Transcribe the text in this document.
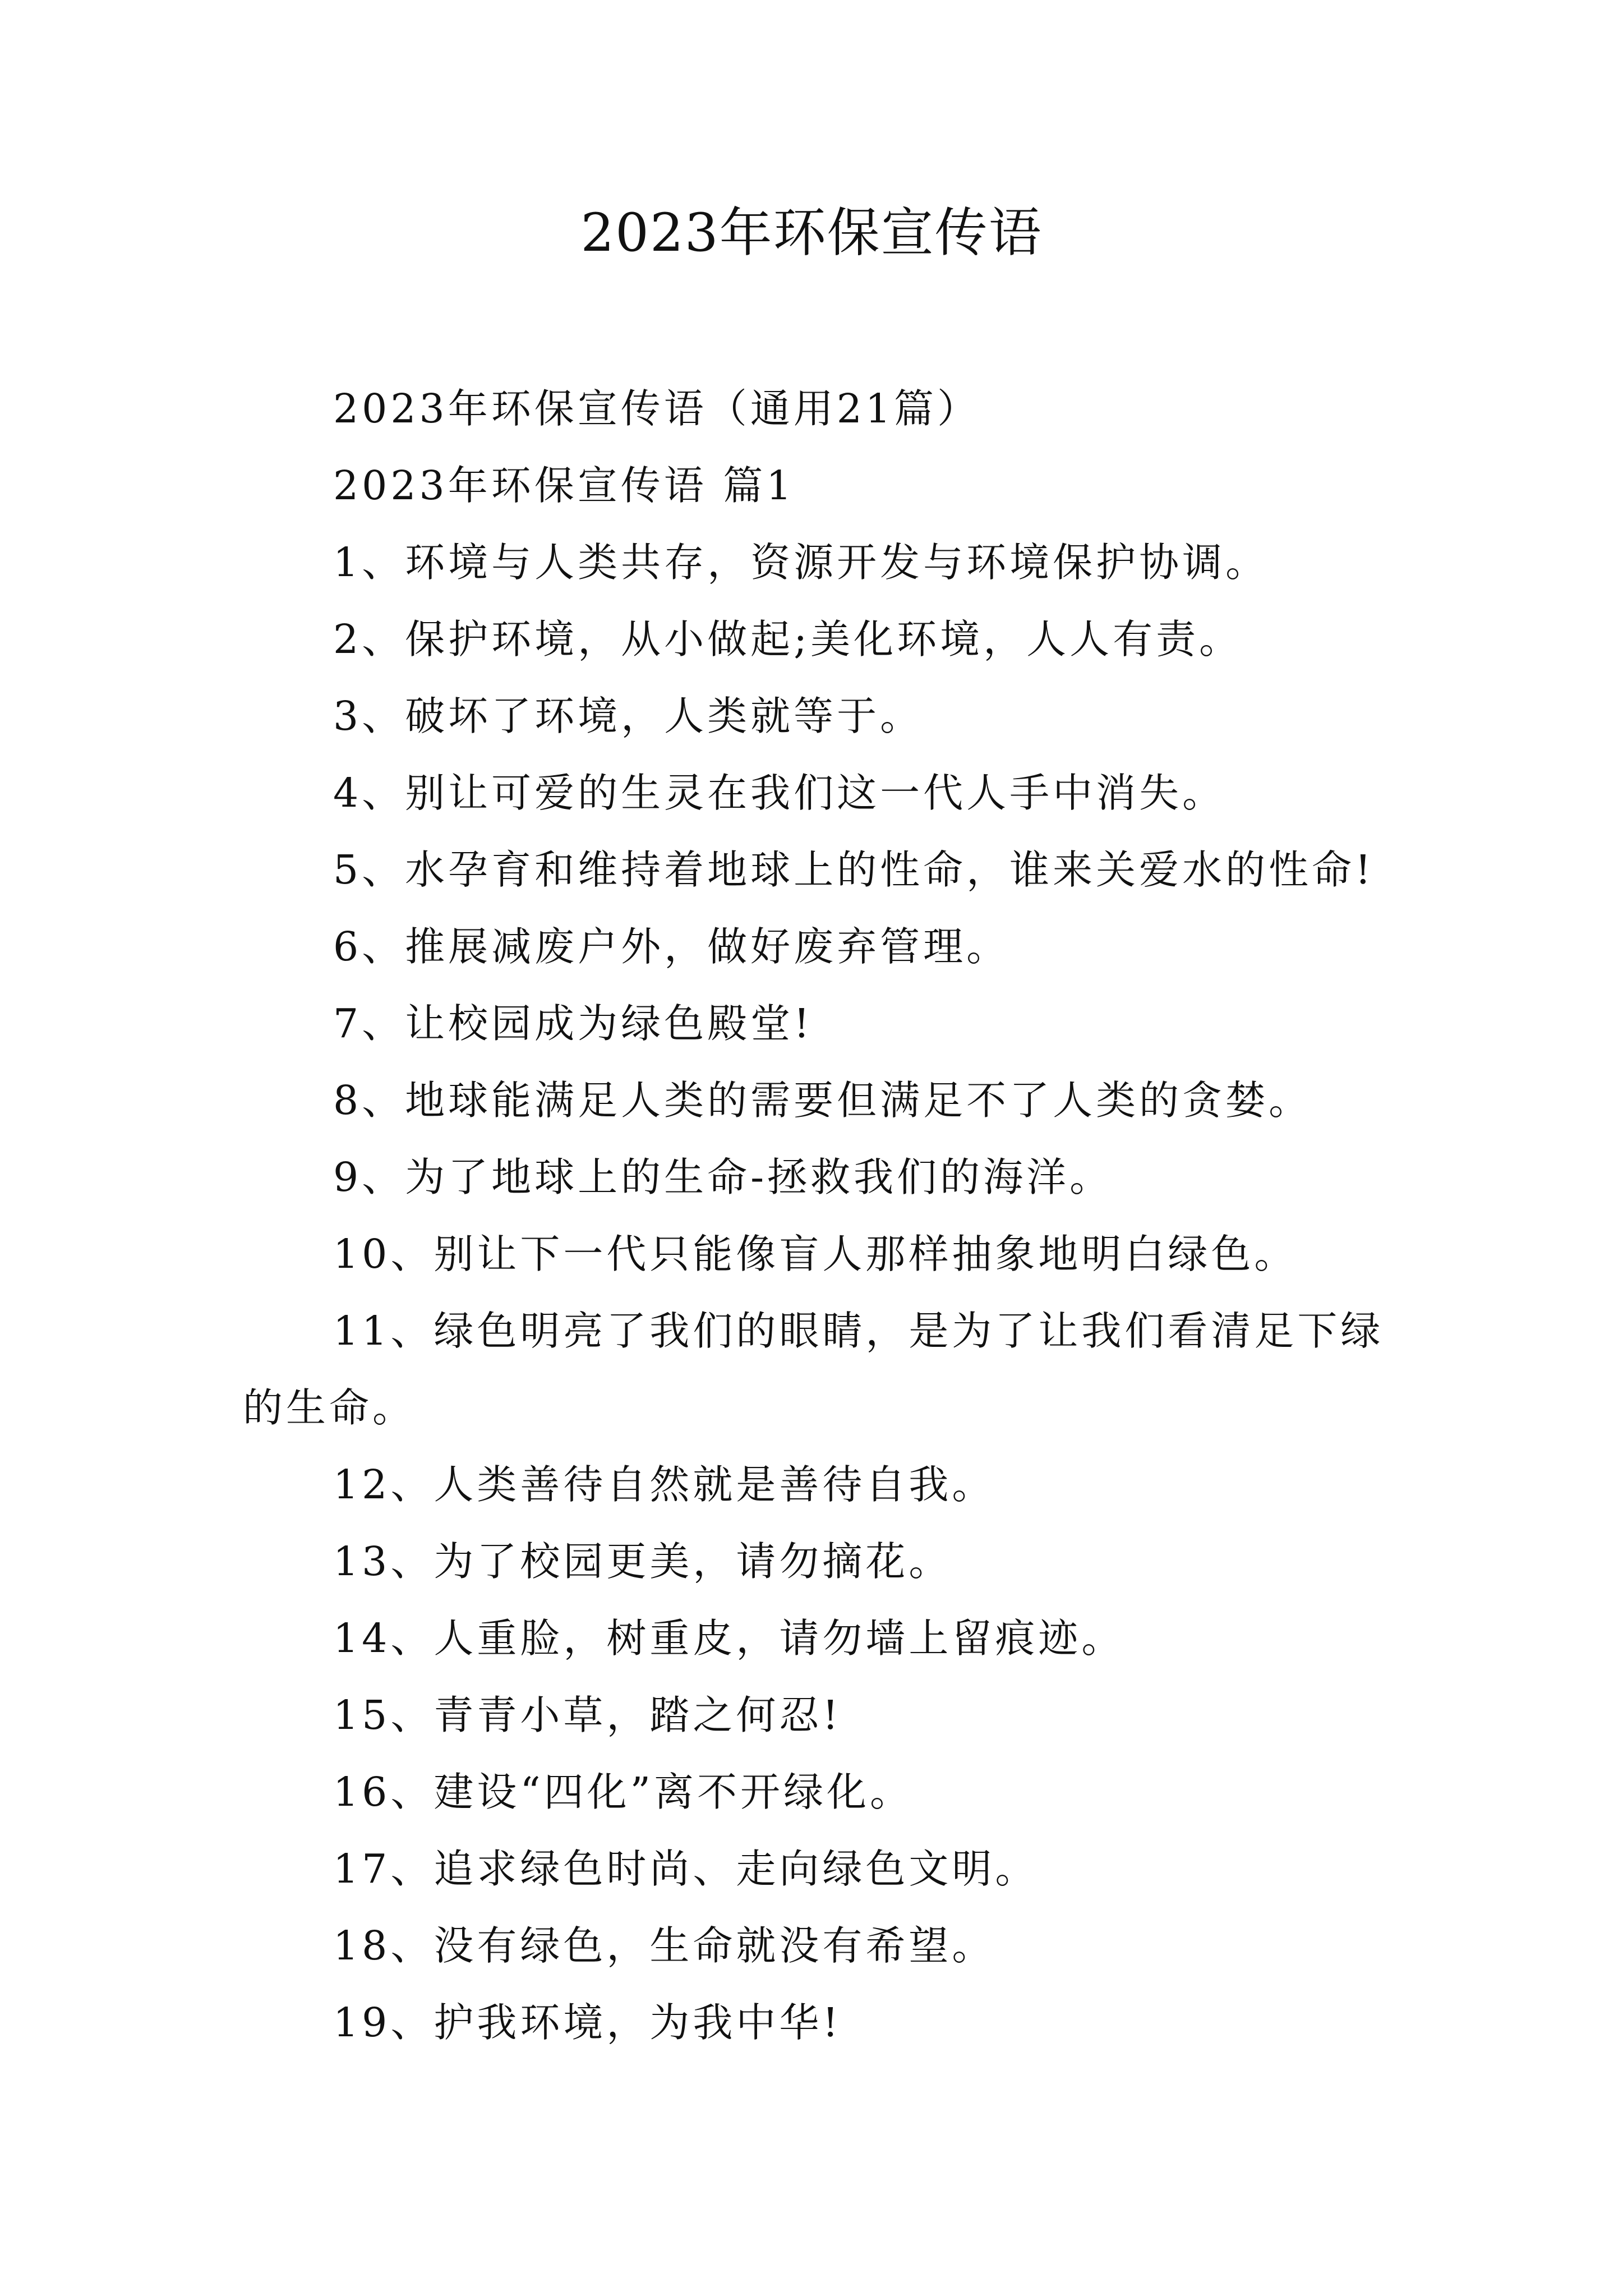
2023年环保宣传语

2023年环保宣传语（通用21篇）

2023年环保宣传语 篇1

1、环境与人类共存，资源开发与环境保护协调。

2、保护环境，从小做起;美化环境，人人有责。

3、破坏了环境，人类就等于。

4、别让可爱的生灵在我们这一代人手中消失。

5、水孕育和维持着地球上的性命，谁来关爱水的性命!

6、推展减废户外，做好废弃管理。

7、让校园成为绿色殿堂!

8、地球能满足人类的需要但满足不了人类的贪婪。

9、为了地球上的生命-拯救我们的海洋。

10、别让下一代只能像盲人那样抽象地明白绿色。

11、绿色明亮了我们的眼睛，是为了让我们看清足下绿

的生命。

12、人类善待自然就是善待自我。

13、为了校园更美，请勿摘花。

14、人重脸，树重皮，请勿墙上留痕迹。

15、青青小草，踏之何忍!

16、建设“四化”离不开绿化。

17、追求绿色时尚、走向绿色文明。

18、没有绿色，生命就没有希望。

19、护我环境，为我中华!
